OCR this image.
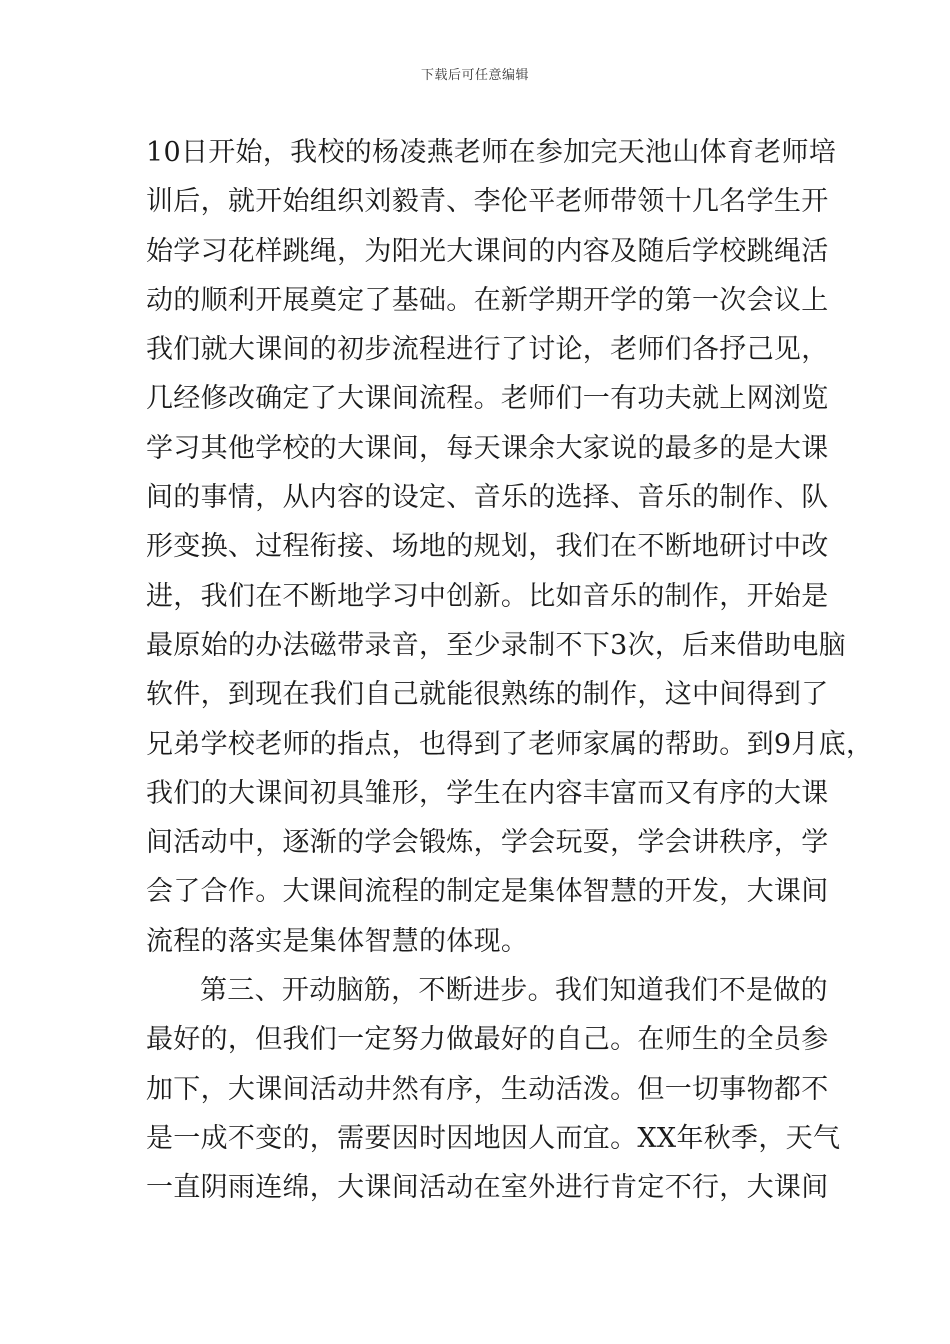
下载后可任意编辑
10日开始，我校的杨凌燕老师在参加完天池山体育老师培
训后，就开始组织刘毅青、李伦平老师带领十几名学生开
始学习花样跳绳，为阳光大课间的内容及随后学校跳绳活
动的顺利开展奠定了基础。在新学期开学的第一次会议上
我们就大课间的初步流程进行了讨论，老师们各抒己见，
几经修改确定了大课间流程。老师们一有功夫就上网浏览
学习其他学校的大课间，每天课余大家说的最多的是大课
间的事情，从内容的设定、音乐的选择、音乐的制作、队
形变换、过程衔接、场地的规划，我们在不断地研讨中改
进，我们在不断地学习中创新。比如音乐的制作，开始是
最原始的办法磁带录音，至少录制不下3次，后来借助电脑
软件，到现在我们自己就能很熟练的制作，这中间得到了
兄弟学校老师的指点，也得到了老师家属的帮助。到9月底，
我们的大课间初具雏形，学生在内容丰富而又有序的大课
间活动中，逐渐的学会锻炼，学会玩耍，学会讲秩序，学
会了合作。大课间流程的制定是集体智慧的开发，大课间
流程的落实是集体智慧的体现。
第三、开动脑筋，不断进步。我们知道我们不是做的
最好的，但我们一定努力做最好的自己。在师生的全员参
加下，大课间活动井然有序，生动活泼。但一切事物都不
是一成不变的，需要因时因地因人而宜。XX年秋季，天气
一直阴雨连绵，大课间活动在室外进行肯定不行，大课间
